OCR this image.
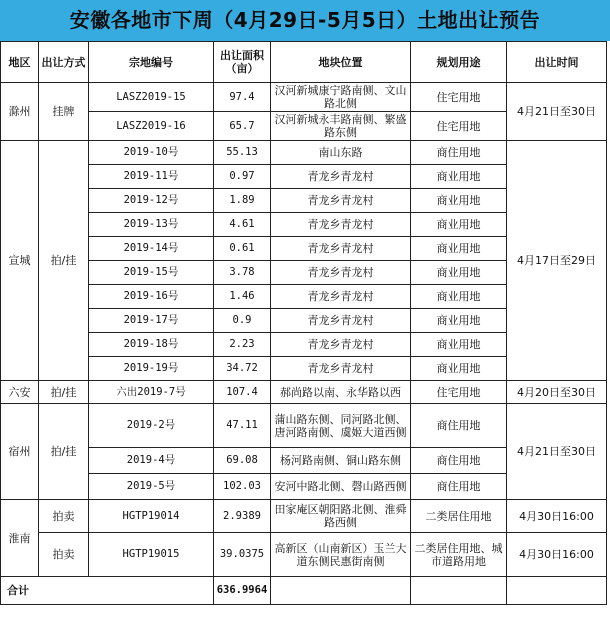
安徽各地市下周（4月29日-5月5日）土地出让预告
地区	出让方式	宗地编号	出让面积（亩）	地块位置	规划用途	出让时间
滁州	挂牌	LASZ2019-15	97.4	汉河新城康宁路南侧、文山路北侧	住宅用地	4月21日至30日
		LASZ2019-16	65.7	汉河新城永丰路南侧、繁盛路东侧	住宅用地	
宣城	拍/挂	2019-10号	55.13	南山东路	商住用地	4月17日至29日
		2019-11号	0.97	青龙乡青龙村	商业用地	
		2019-12号	1.89	青龙乡青龙村	商业用地	
		2019-13号	4.61	青龙乡青龙村	商业用地	
		2019-14号	0.61	青龙乡青龙村	商业用地	
		2019-15号	3.78	青龙乡青龙村	商业用地	
		2019-16号	1.46	青龙乡青龙村	商业用地	
		2019-17号	0.9	青龙乡青龙村	商业用地	
		2019-18号	2.23	青龙乡青龙村	商业用地	
		2019-19号	34.72	青龙乡青龙村	商业用地	
六安	拍/挂	六出2019-7号	107.4	郝尚路以南、永华路以西	住宅用地	4月20日至30日
宿州	拍/挂	2019-2号	47.11	蒲山路东侧、同河路北侧、唐河路南侧、虞姬大道西侧	商住用地	4月21日至30日
		2019-4号	69.08	杨河路南侧、铜山路东侧	商住用地	
		2019-5号	102.03	安河中路北侧、磬山路西侧	商住用地	
淮南	拍卖	HGTP19014	2.9389	田家庵区朝阳路北侧、淮舜路西侧	二类居住用地	4月30日16:00
	拍卖	HGTP19015	39.0375	高新区（山南新区）玉兰大道东侧民惠街南侧	二类居住用地、城市道路用地	4月30日16:00
合计			636.9964			
